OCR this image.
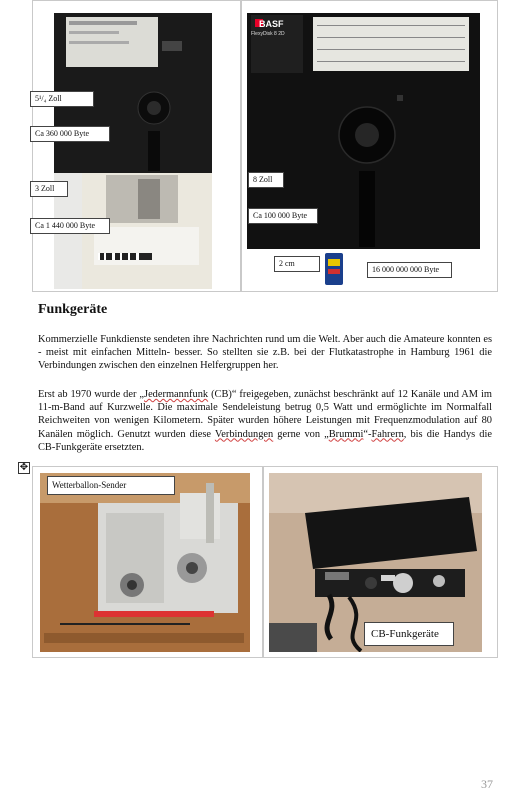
BASF
FlexyDisk 8 2D
5¹/₄ Zoll
Ca 360 000 Byte
3 Zoll
Ca 1 440 000 Byte
8 Zoll
Ca 100 000 Byte
2 cm
16 000 000 000 Byte
Funkgeräte

Kommerzielle Funkdienste sendeten ihre Nachrichten rund um die Welt. Aber auch die Amateure konnten es - meist mit einfachen Mitteln- besser. So stellten sie z.B. bei der Flutkatastrophe in Hamburg 1961 die Verbindungen zwischen den einzelnen Helfergruppen her.

Erst ab 1970 wurde der „Jedermannfunk (CB)“ freigegeben, zunächst beschränkt auf 12 Kanäle und AM im 11-m-Band auf Kurzwelle. Die maximale Sendeleistung betrug 0,5 Watt und ermöglichte im Normalfall Reichweiten von wenigen Kilometern. Später wurden höhere Leistungen mit Frequenzmodulation auf 80 Kanälen möglich. Genutzt wurden diese Verbindungen gerne von „Brummi“-Fahrern, bis die Handys die CB-Funkgeräte ersetzten.

✥
Wetterballon-Sender
CB-Funkgeräte
37
